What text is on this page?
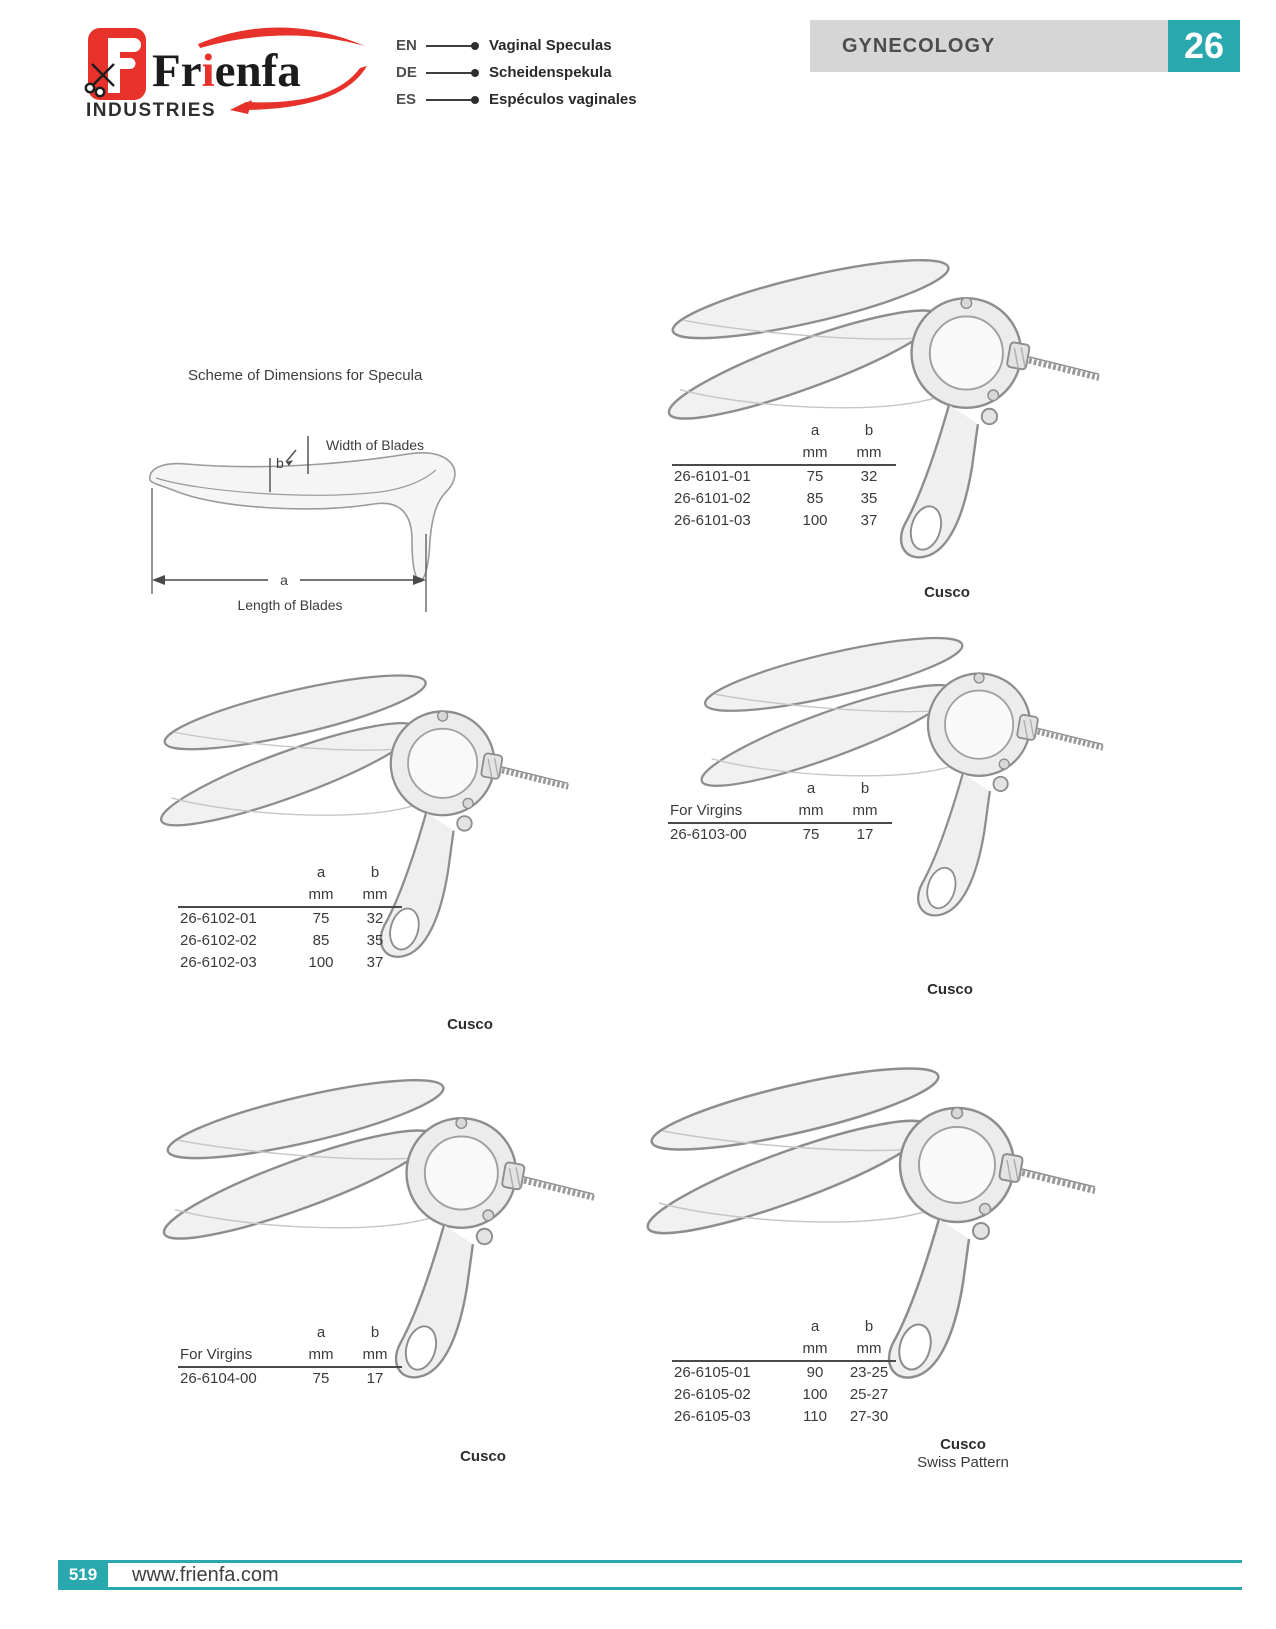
Frienfa
INDUSTRIES
EN	Vaginal Speculas
DE	Scheidenspekula
ES	Espéculos vaginales
GYNECOLOGY	26
Scheme of Dimensions for Specula
b
Width of Blades
a
Length of Blades
	a	b
	mm	mm
26-6101-01	75	32
26-6101-02	85	35
26-6101-03	100	37
Cusco
	a	b
For Virgins	mm	mm
26-6103-00	75	17
Cusco
	a	b
	mm	mm
26-6102-01	75	32
26-6102-02	85	35
26-6102-03	100	37
Cusco
	a	b
For Virgins	mm	mm
26-6104-00	75	17
Cusco
	a	b
	mm	mm
26-6105-01	90	23-25
26-6105-02	100	25-27
26-6105-03	110	27-30
Cusco
Swiss Pattern
519	www.frienfa.com
